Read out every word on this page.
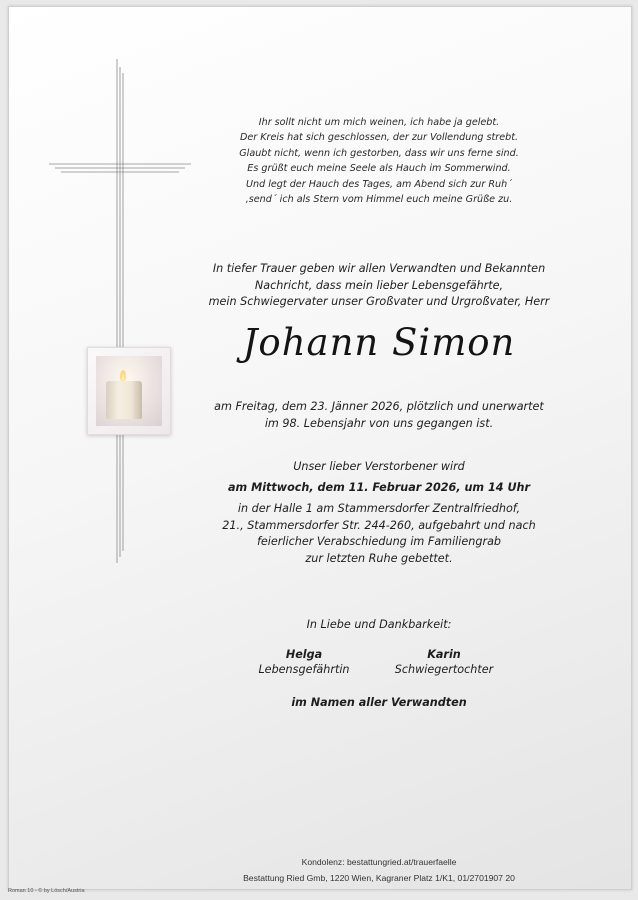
Ihr sollt nicht um mich weinen, ich habe ja gelebt.
Der Kreis hat sich geschlossen, der zur Vollendung strebt.
Glaubt nicht, wenn ich gestorben, dass wir uns ferne sind.
Es grüßt euch meine Seele als Hauch im Sommerwind.
Und legt der Hauch des Tages, am Abend sich zur Ruh´
‚send´ ich als Stern vom Himmel euch meine Grüße zu.
In tiefer Trauer geben wir allen Verwandten und Bekannten
Nachricht, dass mein lieber Lebensgefährte,
mein Schwiegervater unser Großvater und Urgroßvater, Herr
Johann Simon
am Freitag, dem 23. Jänner 2026, plötzlich und unerwartet
im 98. Lebensjahr von uns gegangen ist.
Unser lieber Verstorbener wird
am Mittwoch, dem 11. Februar 2026, um 14 Uhr
in der Halle 1 am Stammersdorfer Zentralfriedhof,
21., Stammersdorfer Str. 244-260, aufgebahrt und nach
feierlicher Verabschiedung im Familiengrab
zur letzten Ruhe gebettet.
In Liebe und Dankbarkeit:
Helga
Lebensgefährtin
Karin
Schwiegertochter
im Namen aller Verwandten
Kondolenz: bestattungried.at/trauerfaelle
Bestattung Ried Gmb, 1220 Wien, Kagraner Platz 1/K1, 01/2701907 20
Roman 10 - © by Lösch/Austria
